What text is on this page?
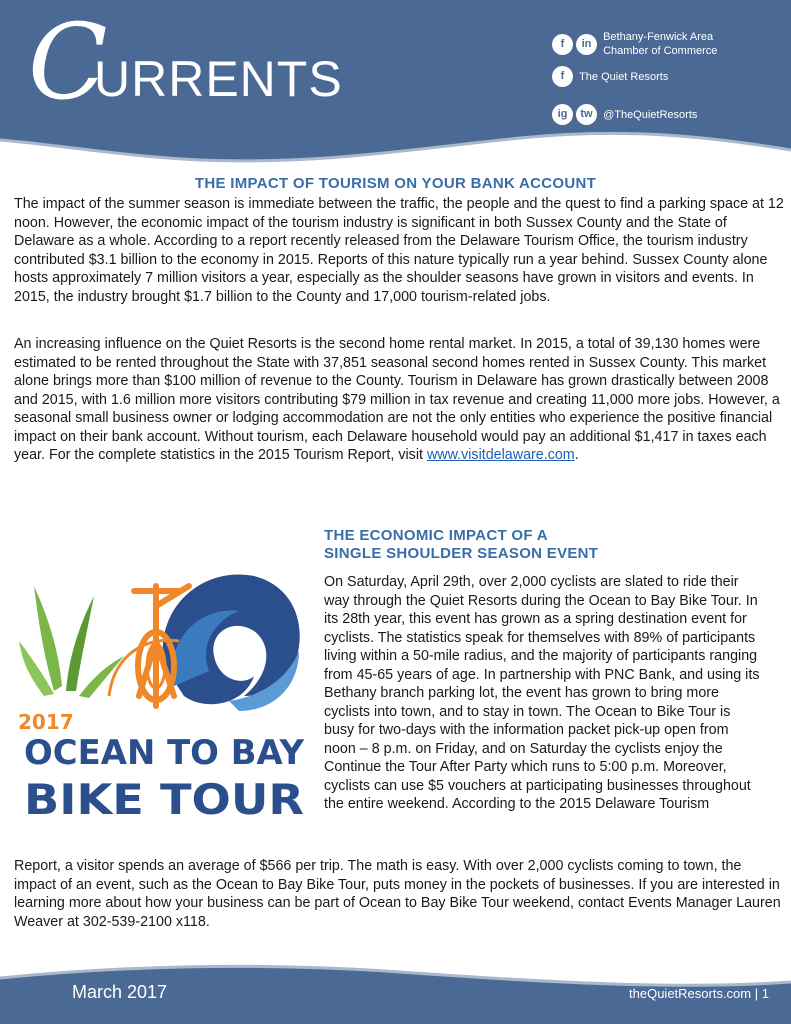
C
URRENTS
f in Bethany-Fenwick Area
Chamber of Commerce
f The Quiet Resorts
ig tw @TheQuietResorts
THE IMPACT OF TOURISM ON YOUR BANK ACCOUNT
The impact of the summer season is immediate between the traffic, the people and the quest to find a parking space at 12 noon. However, the economic impact of the tourism industry is significant in both Sussex County and the State of Delaware as a whole. According to a report recently released from the Delaware Tourism Office, the tourism industry contributed $3.1 billion to the economy in 2015. Reports of this nature typically run a year behind. Sussex County alone hosts approximately 7 million visitors a year, especially as the shoulder seasons have grown in visitors and events. In 2015, the industry brought $1.7 billion to the County and 17,000 tourism-related jobs.
An increasing influence on the Quiet Resorts is the second home rental market. In 2015, a total of 39,130 homes were estimated to be rented throughout the State with 37,851 seasonal second homes rented in Sussex County. This market alone brings more than $100 million of revenue to the County. Tourism in Delaware has grown drastically between 2008 and 2015, with 1.6 million more visitors contributing $79 million in tax revenue and creating 11,000 more jobs. However, a seasonal small business owner or lodging accommodation are not the only entities who experience the positive financial impact on their bank account. Without tourism, each Delaware household would pay an additional $1,417 in taxes each year. For the complete statistics in the 2015 Tourism Report, visit www.visitdelaware.com.
THE ECONOMIC IMPACT OF A
SINGLE SHOULDER SEASON EVENT
2017
OCEAN TO BAY
BIKE TOUR
On Saturday, April 29th, over 2,000 cyclists are slated to ride their way through the Quiet Resorts during the Ocean to Bay Bike Tour. In its 28th year, this event has grown as a spring destination event for cyclists. The statistics speak for themselves with 89% of participants living within a 50-mile radius, and the majority of participants ranging from 45-65 years of age. In partnership with PNC Bank, and using its Bethany branch parking lot, the event has grown to bring more cyclists into town, and to stay in town. The Ocean to Bike Tour is busy for two-days with the information packet pick-up open from noon – 8 p.m. on Friday, and on Saturday the cyclists enjoy the Continue the Tour After Party which runs to 5:00 p.m. Moreover, cyclists can use $5 vouchers at participating businesses throughout the entire weekend. According to the 2015 Delaware Tourism
Report, a visitor spends an average of $566 per trip. The math is easy. With over 2,000 cyclists coming to town, the impact of an event, such as the Ocean to Bay Bike Tour, puts money in the pockets of businesses. If you are interested in learning more about how your business can be part of Ocean to Bay Bike Tour weekend, contact Events Manager Lauren Weaver at 302-539-2100 x118.
March 2017	theQuietResorts.com | 1
